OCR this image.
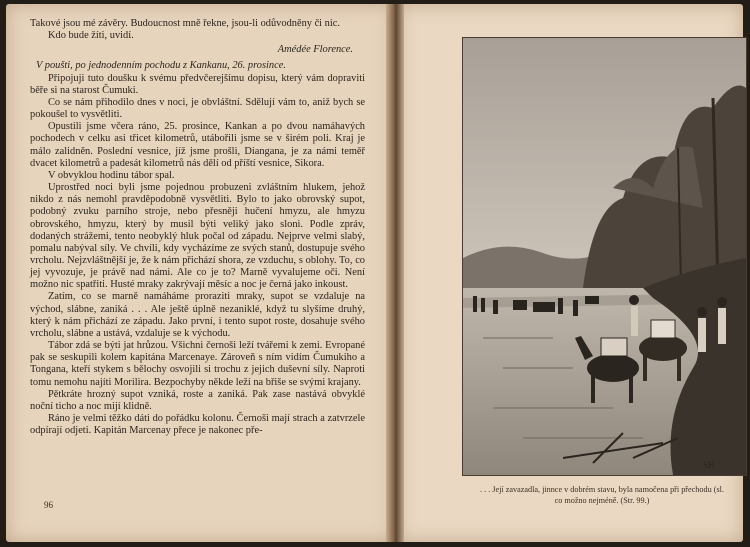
Takové jsou mé závěry. Budoucnost mně řekne, jsou-li odůvodněny či nic.

Kdo bude žíti, uvidí.

Amédée Florence.

V poušti, po jednodenním pochodu z Kankanu, 26. prosince.

Připojuji tuto doušku k svému předvčerejšímu dopisu, který vám dopraviti běře si na starost Čumuki.

Co se nám přihodilo dnes v noci, je obvláštní. Sdělují vám to, aniž bych se pokoušel to vysvětliti.

Opustili jsme včera ráno, 25. prosince, Kankan a po dvou namáhavých pochodech v celku asi třicet kilometrů, utábořili jsme se v širém poli. Kraj je málo zalidněn. Poslední vesnice, jíž jsme prošli, Diangana, je za námi teměř dvacet kilometrů a padesát kilometrů nás dělí od příští vesnice, Sikora.

V obvyklou hodinu tábor spal.

Uprostřed noci byli jsme pojednou probuzeni zvláštním hlukem, jehož nikdo z nás nemohl pravděpodobně vysvětliti. Bylo to jako obrovský supot, podobný zvuku parního stroje, nebo přesněji hučení hmyzu, ale hmyzu obrovského, hmyzu, který by musil býti veliký jako sloni. Podle zpráv, dodaných strážemi, tento neobyklý hluk počal od západu. Nejprve velmi slabý, pomalu nabýval síly. Ve chvíli, kdy vycházíme ze svých stanů, dostupuje svého vrcholu. Nejzvláštnější je, že k nám přichází shora, ze vzduchu, s oblohy. To, co jej vyvozuje, je právě nad námi. Ale co je to? Marně vyvalujeme oči. Není možno nic spatřiti. Husté mraky zakrývají měsíc a noc je černá jako inkoust.

Zatím, co se marně namáháme proraziti mraky, supot se vzdaluje na východ, slábne, zaniká . . . Ale ještě úplně nezaniklé, když tu slyšíme druhý, který k nám přichází ze západu. Jako první, i tento supot roste, dosahuje svého vrcholu, slábne a ustává, vzdaluje se k východu.

Tábor zdá se býti jat hrůzou. Všichni černoši leží tvářemi k zemi. Evropané pak se seskupili kolem kapitána Marcenaye. Zároveň s ním vidím Čumukiho a Tongana, kteří stykem s bělochy osvojili si trochu z jejich duševní síly. Naproti tomu nemohu najíti Morilira. Bezpochyby někde leží na břiše se svými krajany.

Pětkráte hrozný supot vzniká, roste a zaniká. Pak zase nastává obvyklé noční ticho a noc mijí klidně.

Ráno je velmi těžko dáti do pořádku kolonu. Černoši mají strach a zatvrzele odpírají odjeti. Kapitán Marcenay přece je nakonec pře-

96
SH
. . . Její zavazadla, jinnce v dobrém stavu, byla namočena při přechodu (sl.
co možno nejméně. (Str. 99.)
